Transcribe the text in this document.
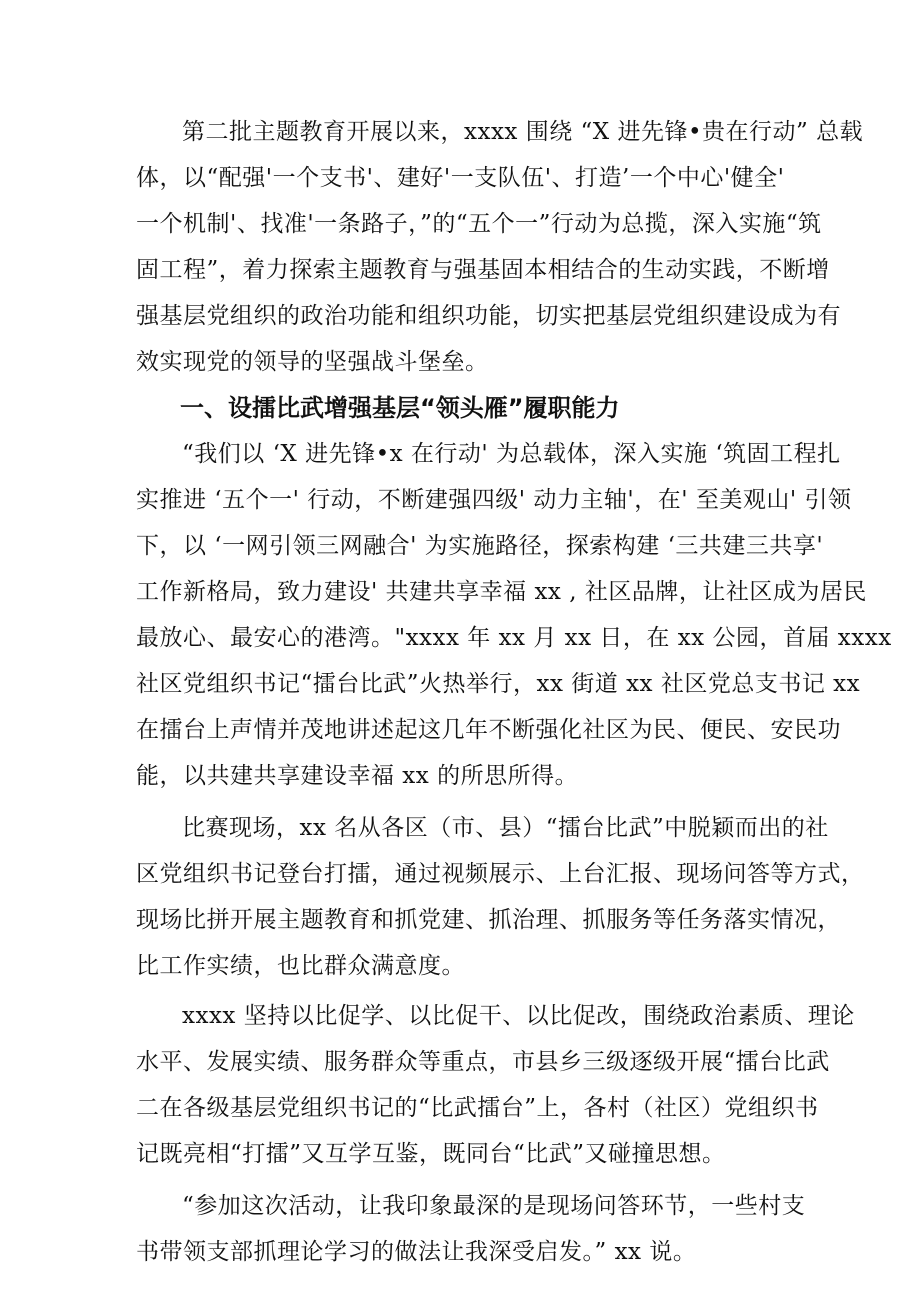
第二批主题教育开展以来，xxxx 围绕 “X 进先锋•贵在行动” 总载
体，以“配强'一个支书'、建好'一支队伍'、打造’一个中心'健全'
一个机制'、找准'一条路子，”的“五个一”行动为总揽，深入实施“筑
固工程”，着力探索主题教育与强基固本相结合的生动实践，不断增
强基层党组织的政治功能和组织功能，切实把基层党组织建设成为有
效实现党的领导的坚强战斗堡垒。
一、设擂比武增强基层“领头雁”履职能力
“我们以 ‘X 进先锋•x 在行动' 为总载体，深入实施 ‘筑固工程扎
实推进 ‘五个一' 行动，不断建强四级' 动力主轴'，在' 至美观山' 引领
下，以 ‘一网引领三网融合' 为实施路径，探索构建 ‘三共建三共享'
工作新格局，致力建设' 共建共享幸福 xx , 社区品牌，让社区成为居民
最放心、最安心的港湾。"xxxx 年 xx 月 xx 日，在 xx 公园，首届 xxxx
社区党组织书记“擂台比武”火热举行，xx 街道 xx 社区党总支书记 xx
在擂台上声情并茂地讲述起这几年不断强化社区为民、便民、安民功
能，以共建共享建设幸福 xx 的所思所得。
比赛现场，xx 名从各区（市、县）“擂台比武”中脱颖而出的社
区党组织书记登台打擂，通过视频展示、上台汇报、现场问答等方式，
现场比拼开展主题教育和抓党建、抓治理、抓服务等任务落实情况，
比工作实绩，也比群众满意度。
xxxx 坚持以比促学、以比促干、以比促改，围绕政治素质、理论
水平、发展实绩、服务群众等重点，市县乡三级逐级开展“擂台比武
二在各级基层党组织书记的“比武擂台”上，各村（社区）党组织书
记既亮相“打擂”又互学互鉴，既同台“比武”又碰撞思想。
“参加这次活动，让我印象最深的是现场问答环节，一些村支
书带领支部抓理论学习的做法让我深受启发。” xx 说。
